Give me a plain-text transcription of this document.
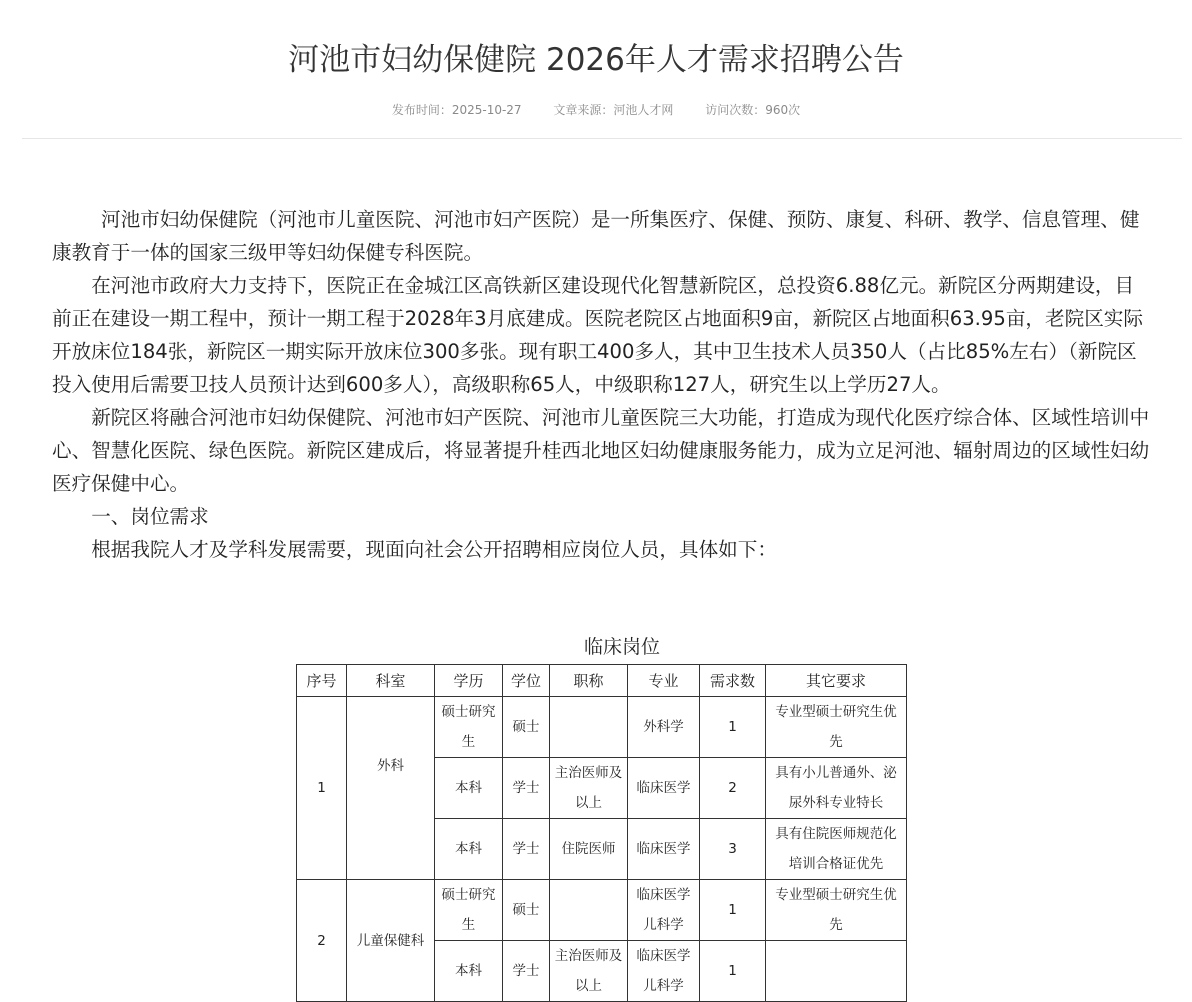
河池市妇幼保健院 2026年人才需求招聘公告
发布时间：2025-10-27	文章来源：河池人才网	访问次数：960次

河池市妇幼保健院（河池市儿童医院、河池市妇产医院）是一所集医疗、保健、预防、康复、科研、教学、信息管理、健康教育于一体的国家三级甲等妇幼保健专科医院。

在河池市政府大力支持下，医院正在金城江区高铁新区建设现代化智慧新院区，总投资6.88亿元。新院区分两期建设，目前正在建设一期工程中，预计一期工程于2028年3月底建成。医院老院区占地面积9亩，新院区占地面积63.95亩，老院区实际开放床位184张，新院区一期实际开放床位300多张。现有职工400多人，其中卫生技术人员350人（占比85%左右）（新院区投入使用后需要卫技人员预计达到600多人），高级职称65人，中级职称127人，研究生以上学历27人。

新院区将融合河池市妇幼保健院、河池市妇产医院、河池市儿童医院三大功能，打造成为现代化医疗综合体、区域性培训中心、智慧化医院、绿色医院。新院区建成后，将显著提升桂西北地区妇幼健康服务能力，成为立足河池、辐射周边的区域性妇幼医疗保健中心。

一、岗位需求

根据我院人才及学科发展需要，现面向社会公开招聘相应岗位人员，具体如下：

临床岗位
序号	科室	学历	学位	职称	专业	需求数	其它要求
1	外科	硕士研究生	硕士		外科学	1	专业型硕士研究生优先
		本科	学士	主治医师及以上	临床医学	2	具有小儿普通外、泌尿外科专业特长
		本科	学士	住院医师	临床医学	3	具有住院医师规范化培训合格证优先
2	儿童保健科	硕士研究生	硕士		临床医学儿科学	1	专业型硕士研究生优先
		本科	学士	主治医师及以上	临床医学儿科学	1	
